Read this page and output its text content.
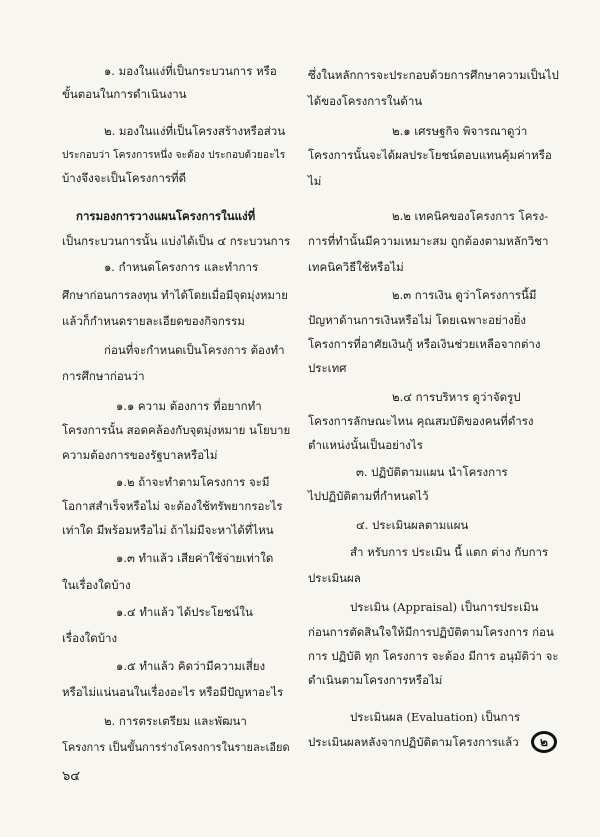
๑. มองในแง่ที่เป็นกระบวนการ หรือ
ขั้นตอนในการดำเนินงาน
๒. มองในแง่ที่เป็นโครงสร้างหรือส่วน
ประกอบว่า โครงการหนึ่ง จะต้อง ประกอบด้วยอะไร
บ้างจึงจะเป็นโครงการที่ดี
การมองการวางแผนโครงการในแง่ที่
เป็นกระบวนการนั้น แบ่งได้เป็น ๔ กระบวนการ
๑. กำหนดโครงการ และทำการ
ศึกษาก่อนการลงทุน ทำได้โดยเมื่อมีจุดมุ่งหมาย
แล้วก็กำหนดรายละเอียดของกิจกรรม
ก่อนที่จะกำหนดเป็นโครงการ ต้องทำ
การศึกษาก่อนว่า
๑.๑ ความ ต้องการ ที่อยากทำ
โครงการนั้น สอดคล้องกับจุดมุ่งหมาย นโยบาย
ความต้องการของรัฐบาลหรือไม่
๑.๒ ถ้าจะทำตามโครงการ จะมี
โอกาสสำเร็จหรือไม่ จะต้องใช้ทรัพยากรอะไร
เท่าใด มีพร้อมหรือไม่ ถ้าไม่มีจะหาได้ที่ไหน
๑.๓ ทำแล้ว เสียค่าใช้จ่ายเท่าใด
ในเรื่องใดบ้าง
๑.๔ ทำแล้ว ได้ประโยชน์ใน
เรื่องใดบ้าง
๑.๕ ทำแล้ว คิดว่ามีความเสี่ยง
หรือไม่แน่นอนในเรื่องอะไร หรือมีปัญหาอะไร
๒. การตระเตรียม และพัฒนา
โครงการ เป็นขั้นการร่างโครงการในรายละเอียด
ซึ่งในหลักการจะประกอบด้วยการศึกษาความเป็นไป
ได้ของโครงการในด้าน
๒.๑ เศรษฐกิจ พิจารณาดูว่า
โครงการนั้นจะได้ผลประโยชน์ตอบแทนคุ้มค่าหรือ
ไม่
๒.๒ เทคนิคของโครงการ โครง-
การที่ทำนั้นมีความเหมาะสม ถูกต้องตามหลักวิชา
เทคนิควิธีใช้หรือไม่
๒.๓ การเงิน ดูว่าโครงการนี้มี
ปัญหาด้านการเงินหรือไม่ โดยเฉพาะอย่างยิ่ง
โครงการที่อาศัยเงินกู้ หรือเงินช่วยเหลือจากต่าง
ประเทศ
๒.๔ การบริหาร ดูว่าจัดรูป
โครงการลักษณะไหน คุณสมบัติของคนที่ดำรง
ตำแหน่งนั้นเป็นอย่างไร
๓. ปฏิบัติตามแผน นำโครงการ
ไปปฏิบัติตามที่กำหนดไว้
๔. ประเมินผลตามแผน
สำ หรับการ ประเมิน นี้ แตก ต่าง กับการ
ประเมินผล
ประเมิน (Appraisal) เป็นการประเมิน
ก่อนการตัดสินใจให้มีการปฏิบัติตามโครงการ ก่อน
การ ปฏิบัติ ทุก โครงการ จะต้อง มีการ อนุมัติว่า จะ
ดำเนินตามโครงการหรือไม่
ประเมินผล (Evaluation) เป็นการ
ประเมินผลหลังจากปฏิบัติตามโครงการแล้ว	๒
๖๔
